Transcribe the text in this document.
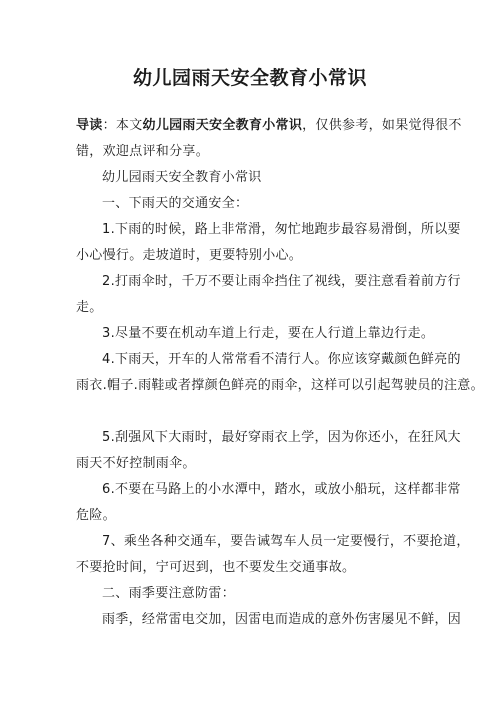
幼儿园雨天安全教育小常识
导读：本文幼儿园雨天安全教育小常识，仅供参考，如果觉得很不
错，欢迎点评和分享。
幼儿园雨天安全教育小常识
一、下雨天的交通安全：
1.下雨的时候，路上非常滑，匆忙地跑步最容易滑倒，所以要
小心慢行。走坡道时，更要特别小心。
2.打雨伞时，千万不要让雨伞挡住了视线，要注意看着前方行
走。
3.尽量不要在机动车道上行走，要在人行道上靠边行走。
4.下雨天，开车的人常常看不清行人。你应该穿戴颜色鲜亮的
雨衣.帽子.雨鞋或者撑颜色鲜亮的雨伞，这样可以引起驾驶员的注意。
5.刮强风下大雨时，最好穿雨衣上学，因为你还小，在狂风大
雨天不好控制雨伞。
6.不要在马路上的小水潭中，踏水，或放小船玩，这样都非常
危险。
7、乘坐各种交通车，要告诫驾车人员一定要慢行，不要抢道，
不要抢时间，宁可迟到，也不要发生交通事故。
二、雨季要注意防雷：
雨季，经常雷电交加，因雷电而造成的意外伤害屡见不鲜，因
